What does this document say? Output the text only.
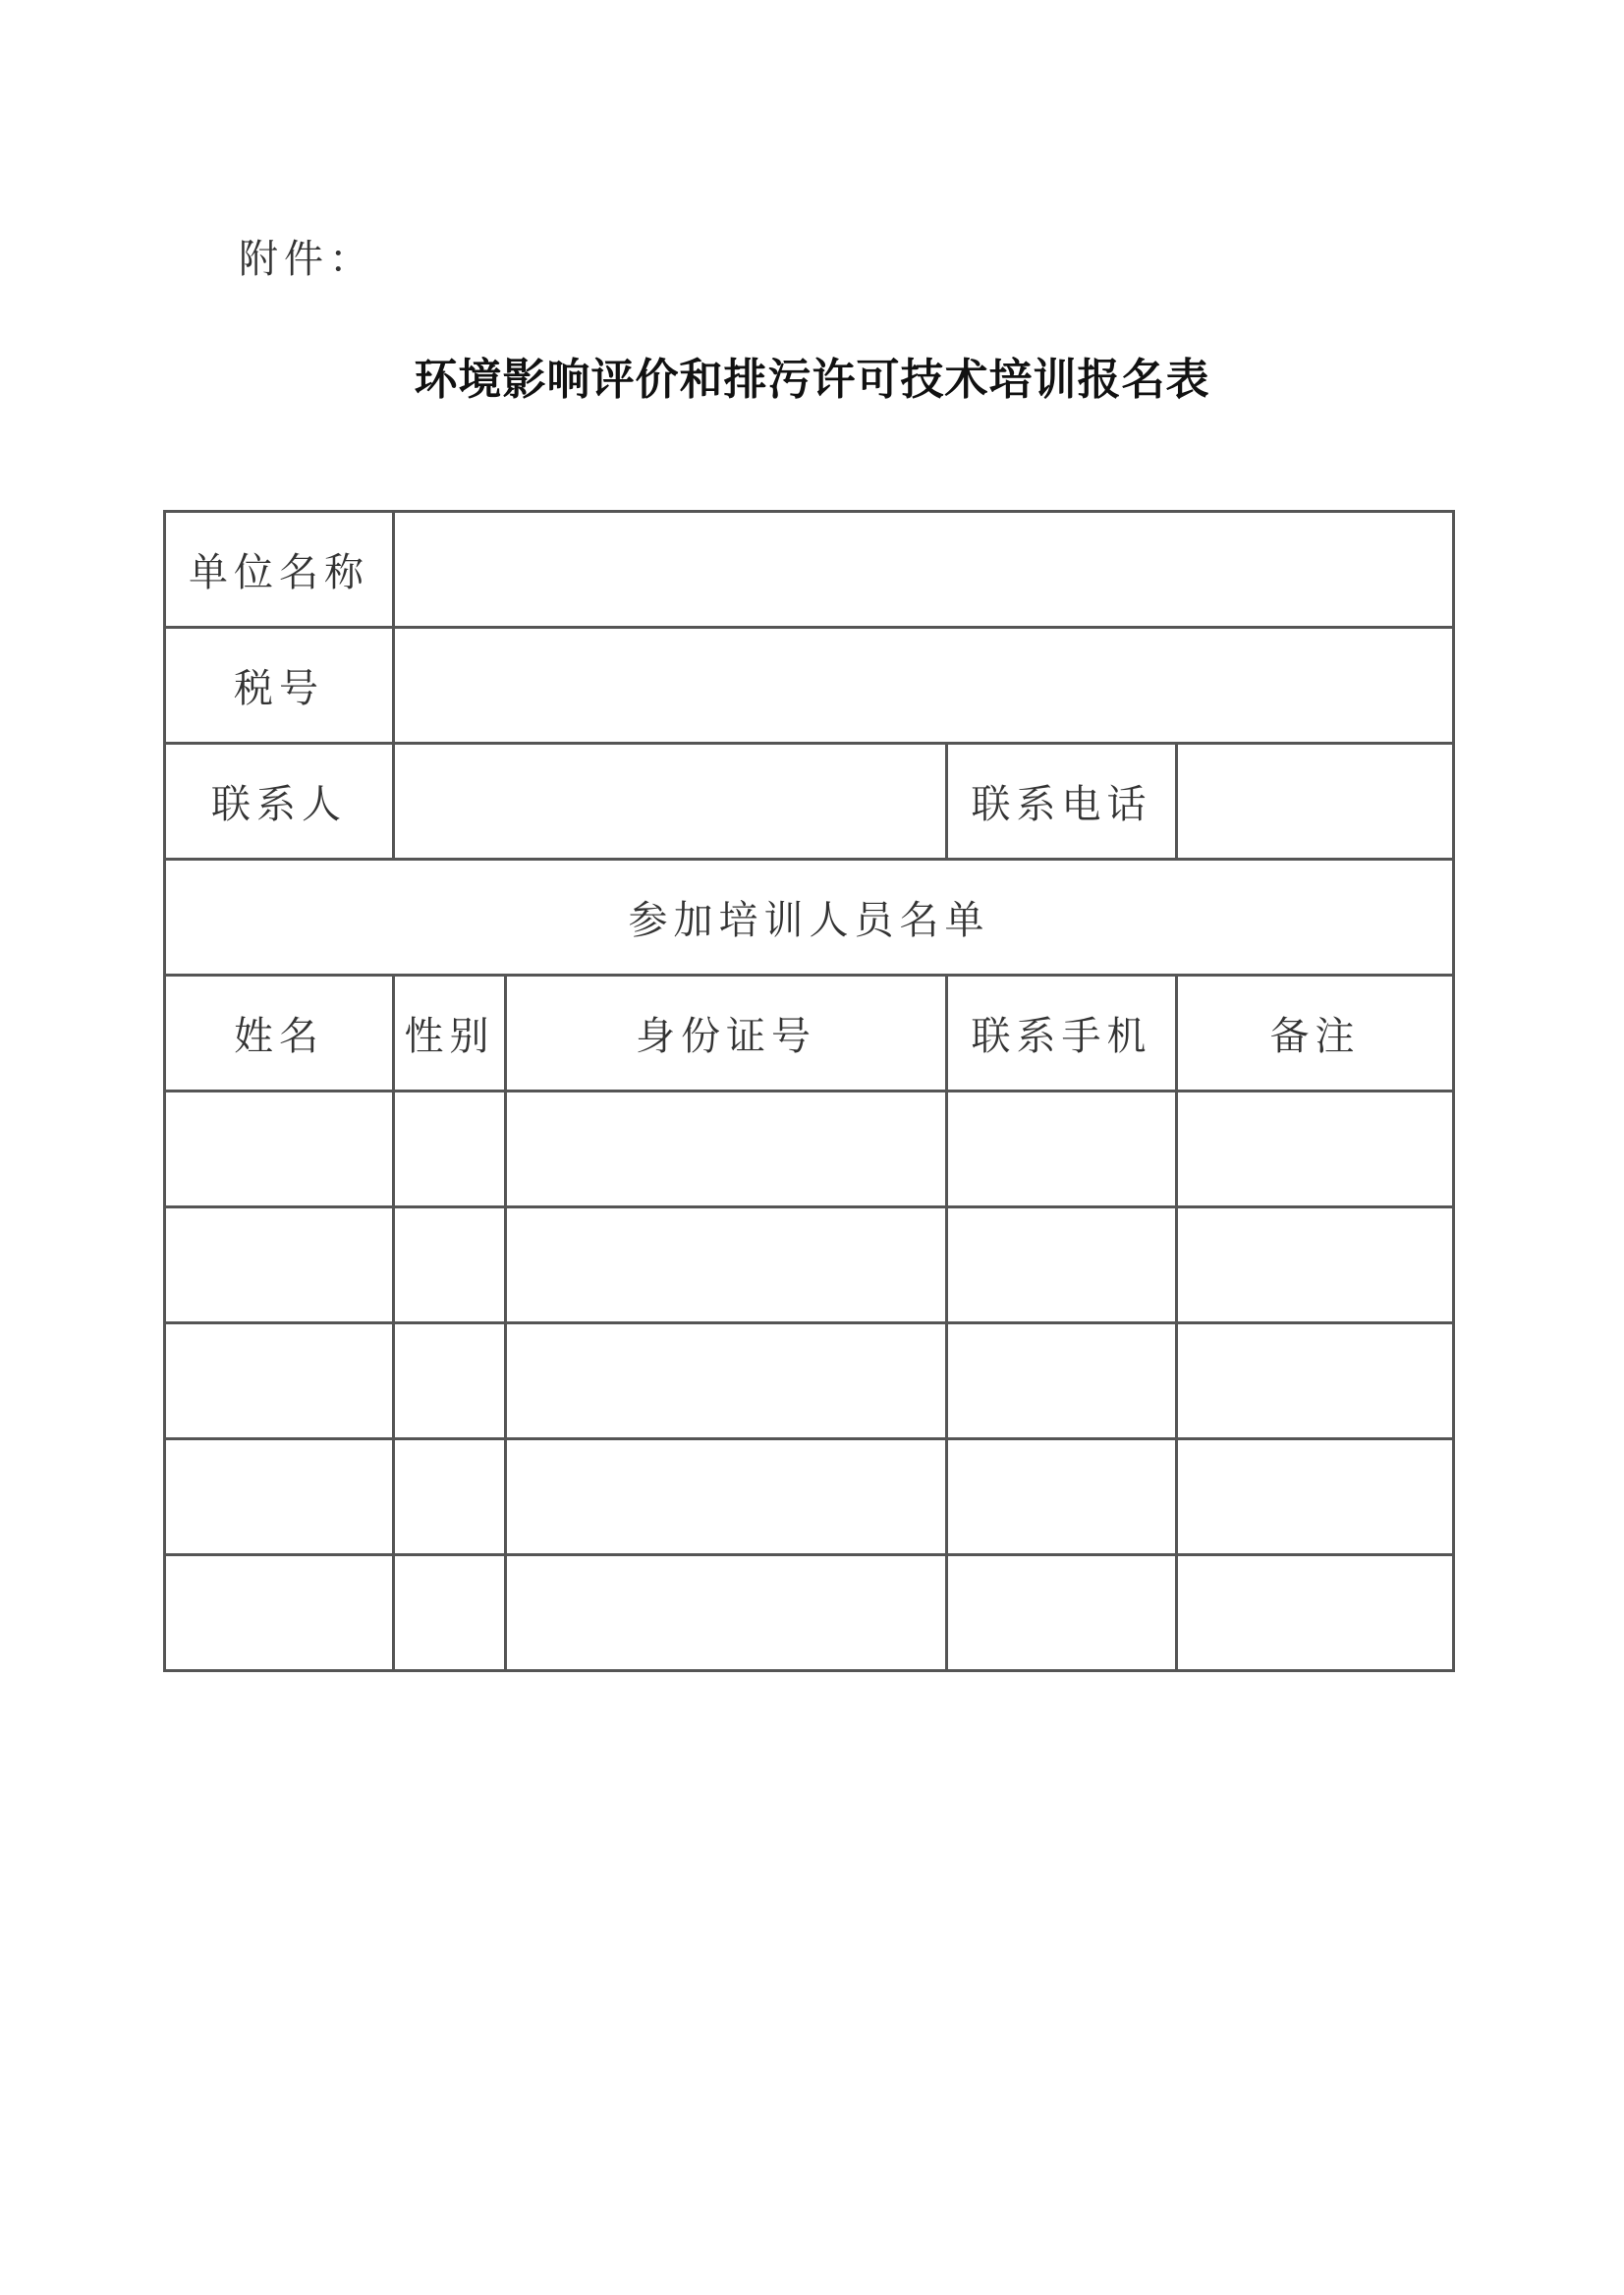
附件：
环境影响评价和排污许可技术培训报名表
单位名称				
税号				
联系人			联系电话	
参加培训人员名单				
姓名	性别	身份证号	联系手机	备注
